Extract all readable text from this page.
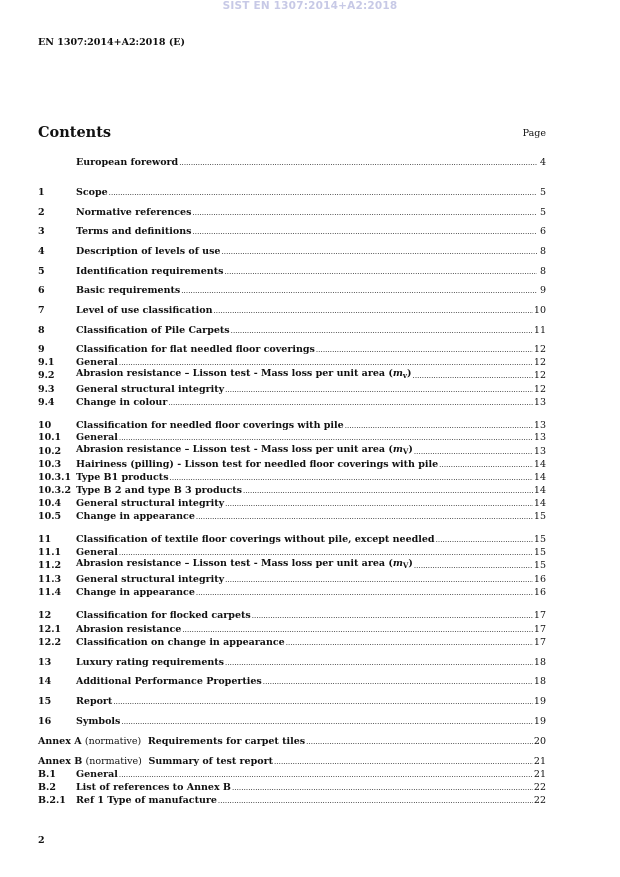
SIST EN 1307:2014+A2:2018
EN 1307:2014+A2:2018 (E)
Contents	Page
European foreword .....	4
1	Scope .....	5
2	Normative references .....	5
3	Terms and definitions .....	6
4	Description of levels of use .....	8
5	Identification requirements .....	8
6	Basic requirements .....	9
7	Level of use classification .....	10
8	Classification of Pile Carpets .....	11
9	Classification for flat needled floor coverings .....	12
9.1	General .....	12
9.2	Abrasion resistance – Lisson test - Mass loss per unit area $(m_v)$ .....	12
9.3	General structural integrity .....	12
9.4	Change in colour .....	13
10	Classification for needled floor coverings with pile .....	13
10.1	General .....	13
10.2	Abrasion resistance – Lisson test - Mass loss per unit area $(m_V)$ .....	13
10.3	Hairiness (pilling) - Lisson test for needled floor coverings with pile .....	14
10.3.1 Type B1 products .....	14
10.3.2 Type B 2 and type B 3 products .....	14
10.4	General structural integrity .....	14
10.5	Change in appearance .....	15
11	Classification of textile floor coverings without pile, except needled .....	15
11.1	General .....	15
11.2	Abrasion resistance – Lisson test - Mass loss per unit area $(m_V)$ .....	15
11.3	General structural integrity .....	16
11.4	Change in appearance .....	16
12	Classification for flocked carpets .....	17
12.1	Abrasion resistance .....	17
12.2	Classification on change in appearance .....	17
13	Luxury rating requirements .....	18
14	Additional Performance Properties .....	18
15	Report .....	19
16	Symbols .....	19
Annex A (normative) Requirements for carpet tiles .....	20
Annex B (normative) Summary of test report .....	21
B.1	General .....	21
B.2	List of references to Annex B .....	22
B.2.1	Ref 1 Type of manufacture .....	22
2
